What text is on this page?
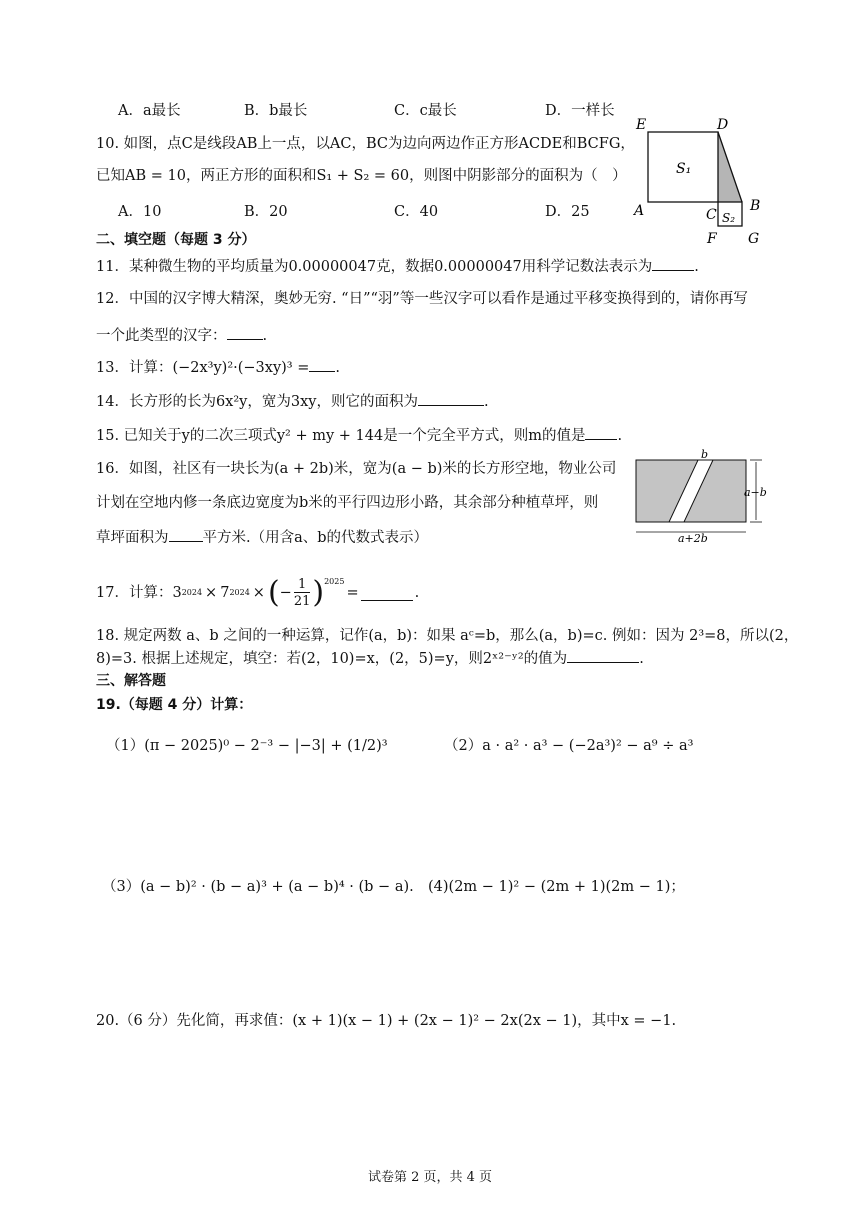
A．a最长	B．b最长	C．c最长	D．一样长
10. 如图，点C是线段AB上一点，以AC，BC为边向两边作正方形ACDE和BCFG，
已知AB = 10，两正方形的面积和S₁ + S₂ = 60，则图中阴影部分的面积为（　）
A．10	B．20	C．40	D．25
E	D
A	C
B
F G
S₁
S₂
二、填空题（每题 3 分）
11．某种微生物的平均质量为0.00000047克，数据0.00000047用科学记数法表示为	.
12．中国的汉字博大精深，奥妙无穷. “日”“羽”等一些汉字可以看作是通过平移变换得到的，请你再写
一个此类型的汉字： .
13．计算：(−2x³y)²·(−3xy)³ = .
14．长方形的长为6x²y，宽为3xy，则它的面积为	.
15. 已知关于y的二次三项式y² + my + 144是一个完全平方式，则m的值是 .
16．如图，社区有一块长为(a + 2b)米，宽为(a − b)米的长方形空地，物业公司
计划在空地内修一条底边宽度为b米的平行四边形小路，其余部分种植草坪，则
草坪面积为 平方米.（用含a、b的代数式表示）
b
a−b
a+2b
17．计算： 3 2024 × 7 2024 × ( − $\frac{1}{21} )^{2025}$
=	.
18. 规定两数 a、b 之间的一种运算，记作(a，b)：如果 aᶜ=b，那么(a，b)=c. 例如：因为 2³=8，所以(2，
8)=3. 根据上述规定，填空：若(2，10)=x，(2，5)=y，则2ˣ²⁻ʸ²的值为	.
三、解答题
19.（每题 4 分）计算：
（1）(π − 2025)⁰ − 2⁻³ − |−3| + (1/2)³	（2）a · a² · a³ − (−2a³)² − a⁹ ÷ a³
（3）(a − b)² · (b − a)³ + (a − b)⁴ · (b − a). (4)(2m − 1)² − (2m + 1)(2m − 1)；
20.（6 分）先化简，再求值：(x + 1)(x − 1) + (2x − 1)² − 2x(2x − 1)，其中x = −1.
试卷第 2 页，共 4 页
